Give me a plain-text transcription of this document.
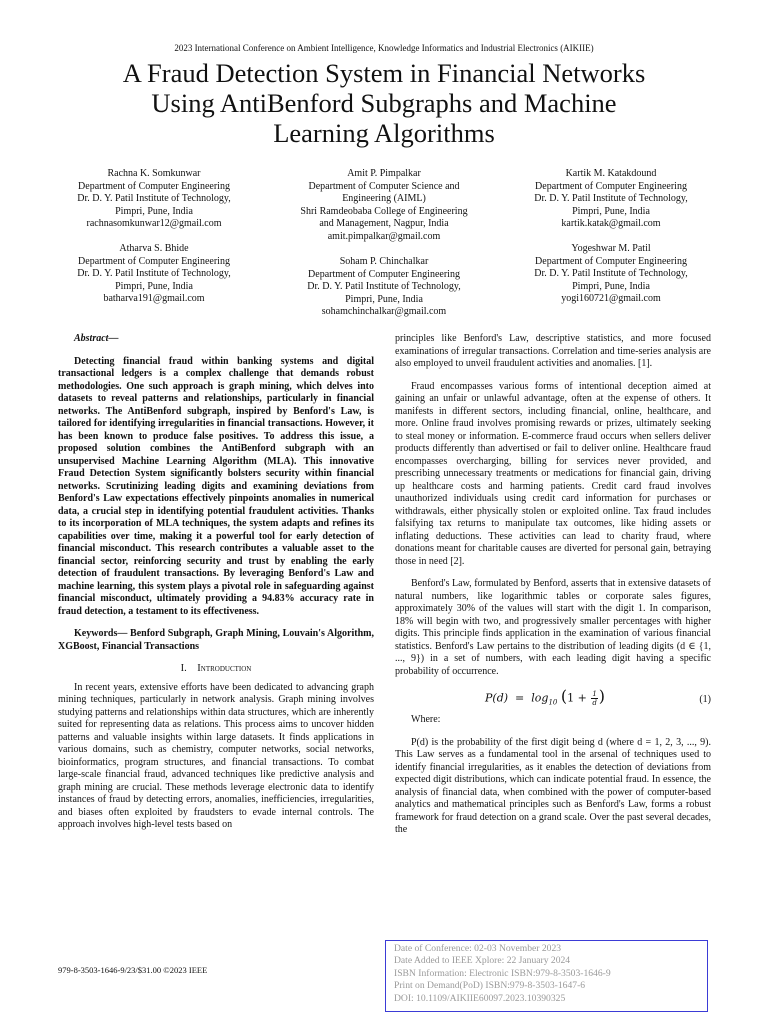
2023 International Conference on Ambient Intelligence, Knowledge Informatics and Industrial Electronics (AIKIIE)
A Fraud Detection System in Financial Networks
Using AntiBenford Subgraphs and Machine
Learning Algorithms
Rachna K. Somkunwar
Department of Computer Engineering
Dr. D. Y. Patil Institute of Technology,
Pimpri, Pune, India
rachnasomkunwar12@gmail.com
Amit P. Pimpalkar
Department of Computer Science and
Engineering (AIML)
Shri Ramdeobaba College of Engineering
and Management, Nagpur, India
amit.pimpalkar@gmail.com
Kartik M. Katakdound
Department of Computer Engineering
Dr. D. Y. Patil Institute of Technology,
Pimpri, Pune, India
kartik.katak@gmail.com
Atharva S. Bhide
Department of Computer Engineering
Dr. D. Y. Patil Institute of Technology,
Pimpri, Pune, India
batharva191@gmail.com
Soham P. Chinchalkar
Department of Computer Engineering
Dr. D. Y. Patil Institute of Technology,
Pimpri, Pune, India
sohamchinchalkar@gmail.com
Yogeshwar M. Patil
Department of Computer Engineering
Dr. D. Y. Patil Institute of Technology,
Pimpri, Pune, India
yogi160721@gmail.com

Abstract—

Detecting financial fraud within banking systems and digital transactional ledgers is a complex challenge that demands robust methodologies. One such approach is graph mining, which delves into datasets to reveal patterns and relationships, particularly in financial networks. The AntiBenford subgraph, inspired by Benford's Law, is tailored for identifying irregularities in financial transactions. However, it has been known to produce false positives. To address this issue, a proposed solution combines the AntiBenford subgraph with an unsupervised Machine Learning Algorithm (MLA). This innovative Fraud Detection System significantly bolsters security within financial networks. Scrutinizing leading digits and examining deviations from Benford's Law expectations effectively pinpoints anomalies in numerical data, a crucial step in identifying potential fraudulent activities. Thanks to its incorporation of MLA techniques, the system adapts and refines its capabilities over time, making it a powerful tool for early detection of financial misconduct. This research contributes a valuable asset to the financial sector, reinforcing security and trust by enabling the early detection of fraudulent transactions. By leveraging Benford's Law and machine learning, this system plays a pivotal role in safeguarding against financial misconduct, ultimately providing a 94.83% accuracy rate in fraud detection, a testament to its effectiveness.

Keywords— Benford Subgraph, Graph Mining, Louvain's Algorithm, XGBoost, Financial Transactions

I. Introduction

In recent years, extensive efforts have been dedicated to advancing graph mining techniques, particularly in network analysis. Graph mining involves studying patterns and relationships within data structures, which are inherently suited for representing data as relations. This process aims to uncover hidden patterns and valuable insights within large datasets. It finds applications in various domains, such as chemistry, computer networks, social networks, bioinformatics, program structures, and financial transactions. To combat large-scale financial fraud, advanced techniques like predictive analysis and graph mining are crucial. These methods leverage electronic data to identify instances of fraud by detecting errors, anomalies, inefficiencies, irregularities, and biases often exploited by fraudsters to evade internal controls. The approach involves high-level tests based on

principles like Benford's Law, descriptive statistics, and more focused examinations of irregular transactions. Correlation and time-series analysis are also employed to unveil fraudulent activities and anomalies. [1].

Fraud encompasses various forms of intentional deception aimed at gaining an unfair or unlawful advantage, often at the expense of others. It manifests in different sectors, including financial, online, healthcare, and more. Online fraud involves promising rewards or prizes, ultimately seeking to steal money or information. E-commerce fraud occurs when sellers deliver products differently than advertised or fail to deliver online. Healthcare fraud encompasses overcharging, billing for services never provided, and prescribing unnecessary treatments or medications for financial gain, driving up healthcare costs and harming patients. Credit card fraud involves unauthorized individuals using credit card information for purchases or withdrawals, either physically stolen or exploited online. Tax fraud includes falsifying tax returns to manipulate tax outcomes, like hiding assets or inflating deductions. These activities can lead to charity fraud, where donations meant for charitable causes are diverted for personal gain, betraying those in need [2].

Benford's Law, formulated by Benford, asserts that in extensive datasets of natural numbers, like logarithmic tables or corporate sales figures, approximately 30% of the values will start with the digit 1. In comparison, 18% will begin with two, and progressively smaller percentages with higher digits. This principle finds application in the examination of various financial statistics. Benford's Law pertains to the distribution of leading digits (d ∈ {1, ..., 9}) in a set of numbers, with each leading digit having a specific probability of occurrence.

$P(d) = \log_{10} (1 + \frac{1}{d}$ )	(1)

Where:

P(d) is the probability of the first digit being d (where d = 1, 2, 3, ..., 9). This Law serves as a fundamental tool in the arsenal of techniques used to identify financial irregularities, as it enables the detection of deviations from expected digit distributions, which can indicate potential fraud. In essence, the analysis of financial data, when combined with the power of computer-based analytics and mathematical principles such as Benford's Law, forms a robust framework for fraud detection on a grand scale. Over the past several decades, the

979-8-3503-1646-9/23/$31.00 ©2023 IEEE
Date of Conference: 02-03 November 2023
Date Added to IEEE Xplore: 22 January 2024
ISBN Information: Electronic ISBN:979-8-3503-1646-9
Print on Demand(PoD) ISBN:979-8-3503-1647-6
DOI: 10.1109/AIKIIE60097.2023.10390325
